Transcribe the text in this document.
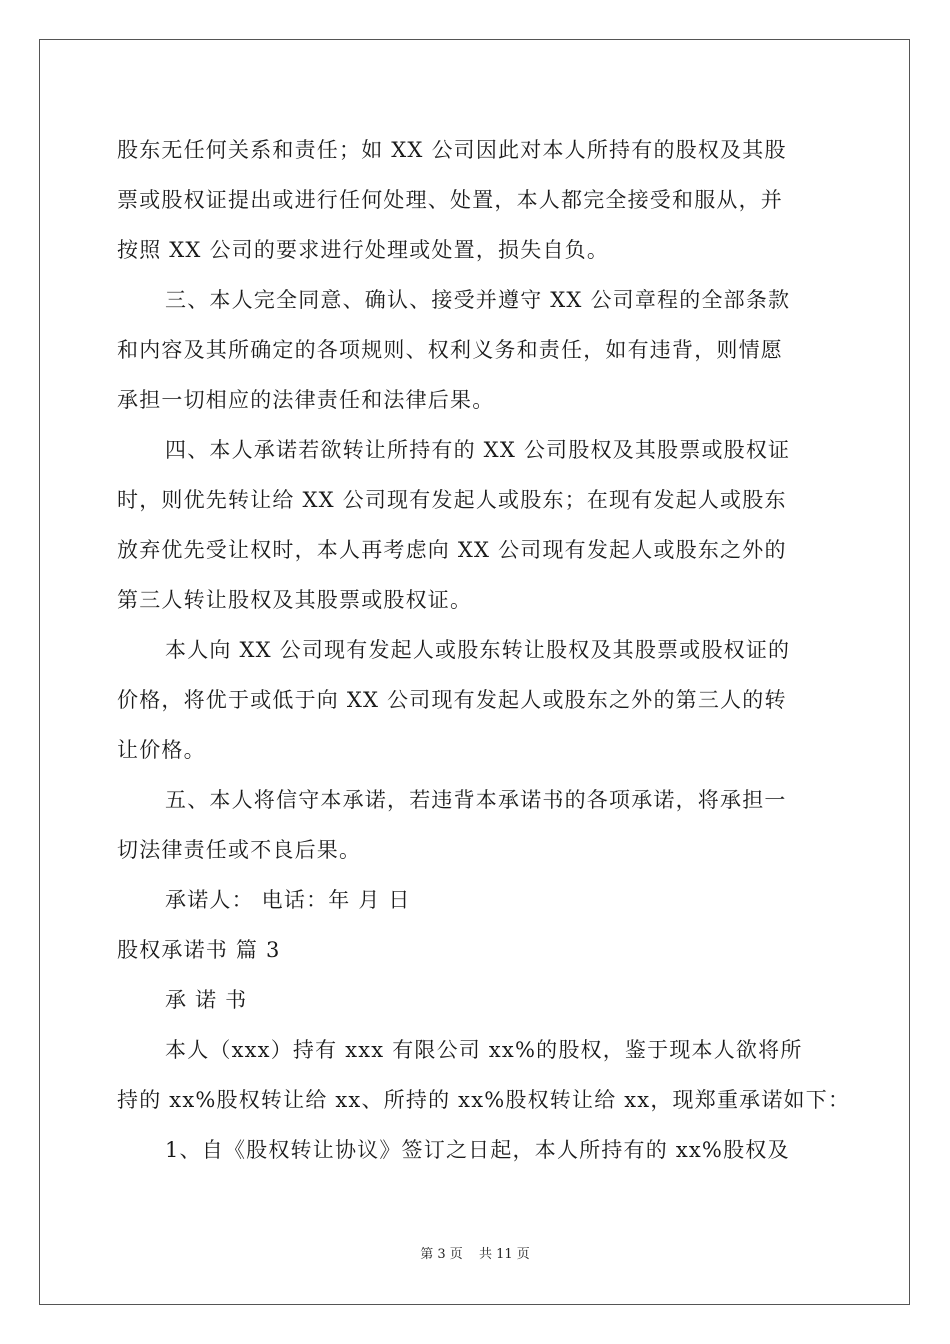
股东无任何关系和责任；如 XX 公司因此对本人所持有的股权及其股
票或股权证提出或进行任何处理、处置，本人都完全接受和服从，并
按照 XX 公司的要求进行处理或处置，损失自负。
三、本人完全同意、确认、接受并遵守 XX 公司章程的全部条款
和内容及其所确定的各项规则、权利义务和责任，如有违背，则情愿
承担一切相应的法律责任和法律后果。
四、本人承诺若欲转让所持有的 XX 公司股权及其股票或股权证
时，则优先转让给 XX 公司现有发起人或股东；在现有发起人或股东
放弃优先受让权时，本人再考虑向 XX 公司现有发起人或股东之外的
第三人转让股权及其股票或股权证。
本人向 XX 公司现有发起人或股东转让股权及其股票或股权证的
价格，将优于或低于向 XX 公司现有发起人或股东之外的第三人的转
让价格。
五、本人将信守本承诺，若违背本承诺书的各项承诺，将承担一
切法律责任或不良后果。
承诺人： 电话：年 月 日
股权承诺书 篇 3
承 诺 书
本人（xxx）持有 xxx 有限公司 xx%的股权，鉴于现本人欲将所
持的 xx%股权转让给 xx、所持的 xx%股权转让给 xx，现郑重承诺如下：
1、自《股权转让协议》签订之日起，本人所持有的 xx%股权及
第 3 页 共 11 页
